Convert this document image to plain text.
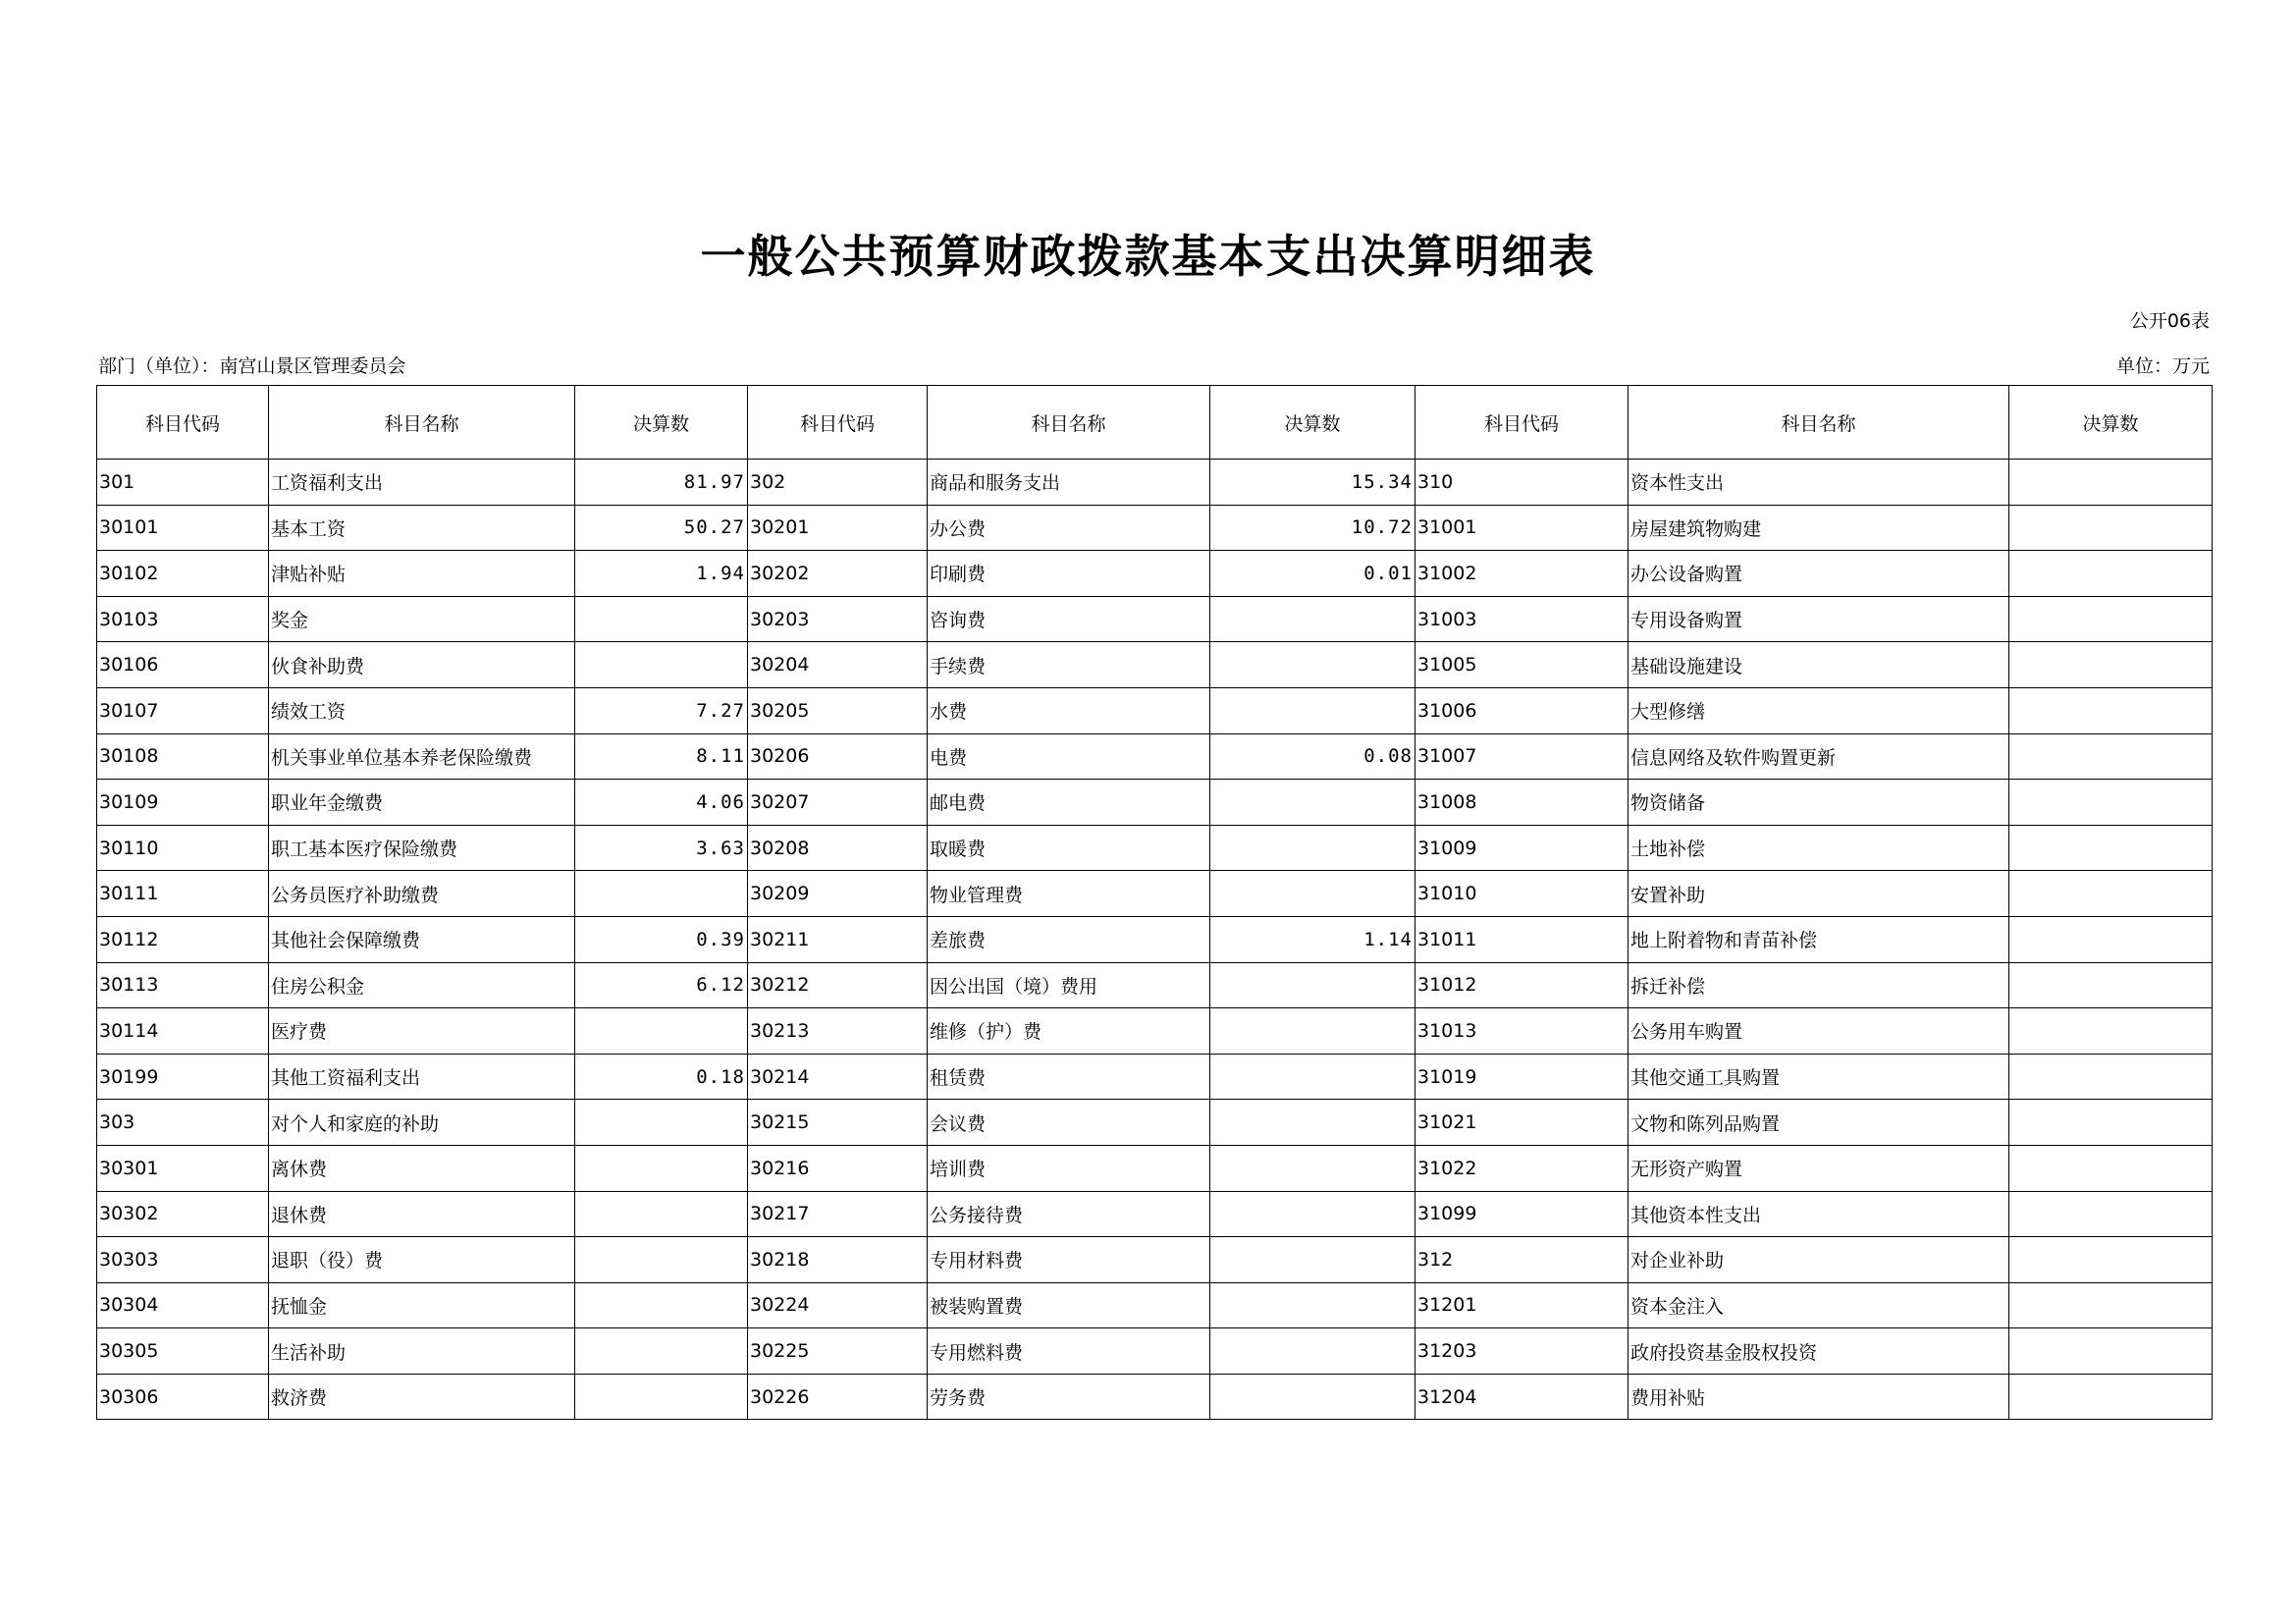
一般公共预算财政拨款基本支出决算明细表
公开06表
部门（单位）：南宫山景区管理委员会	单位：万元
科目代码	科目名称	决算数	科目代码	科目名称	决算数	科目代码	科目名称	决算数
301	工资福利支出	81.97	302	商品和服务支出	15.34	310	资本性支出	
30101	基本工资	50.27	30201	办公费	10.72	31001	房屋建筑物购建	
30102	津贴补贴	1.94	30202	印刷费	0.01	31002	办公设备购置	
30103	奖金		30203	咨询费		31003	专用设备购置	
30106	伙食补助费		30204	手续费		31005	基础设施建设	
30107	绩效工资	7.27	30205	水费		31006	大型修缮	
30108	机关事业单位基本养老保险缴费	8.11	30206	电费	0.08	31007	信息网络及软件购置更新	
30109	职业年金缴费	4.06	30207	邮电费		31008	物资储备	
30110	职工基本医疗保险缴费	3.63	30208	取暖费		31009	土地补偿	
30111	公务员医疗补助缴费		30209	物业管理费		31010	安置补助	
30112	其他社会保障缴费	0.39	30211	差旅费	1.14	31011	地上附着物和青苗补偿	
30113	住房公积金	6.12	30212	因公出国（境）费用		31012	拆迁补偿	
30114	医疗费		30213	维修（护）费		31013	公务用车购置	
30199	其他工资福利支出	0.18	30214	租赁费		31019	其他交通工具购置	
303	对个人和家庭的补助		30215	会议费		31021	文物和陈列品购置	
30301	离休费		30216	培训费		31022	无形资产购置	
30302	退休费		30217	公务接待费		31099	其他资本性支出	
30303	退职（役）费		30218	专用材料费		312	对企业补助	
30304	抚恤金		30224	被装购置费		31201	资本金注入	
30305	生活补助		30225	专用燃料费		31203	政府投资基金股权投资	
30306	救济费		30226	劳务费		31204	费用补贴	
